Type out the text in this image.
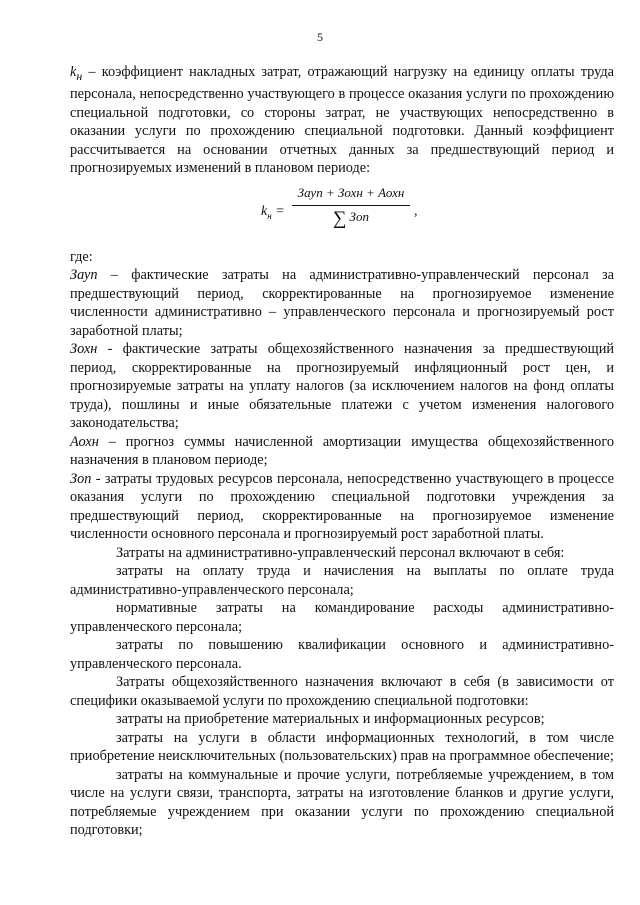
5

$k_н$ – коэффициент накладных затрат, отражающий нагрузку на единицу оплаты труда персонала, непосредственно участвующего в процессе оказания услуги по прохождению специальной подготовки, со стороны затрат, не участвующих непосредственно в оказании услуги по прохождению специальной подготовки. Данный коэффициент рассчитывается на основании отчетных данных за предшествующий период и прогнозируемых изменений в плановом периоде:

$k_н$ =
Зауп + Зохн + Аохн
∑ Зоп	,

где:

Зауп – фактические затраты на административно-управленческий персонал за предшествующий период, скорректированные на прогнозируемое изменение численности административно – управленческого персонала и прогнозируемый рост заработной платы;

Зохн - фактические затраты общехозяйственного назначения за предшествующий период, скорректированные на прогнозируемый инфляционный рост цен, и прогнозируемые затраты на уплату налогов (за исключением налогов на фонд оплаты труда), пошлины и иные обязательные платежи с учетом изменения налогового законодательства;

Аохн – прогноз суммы начисленной амортизации имущества общехозяйственного назначения в плановом периоде;

Зоп - затраты трудовых ресурсов персонала, непосредственно участвующего в процессе оказания услуги по прохождению специальной подготовки учреждения за предшествующий период, скорректированные на прогнозируемое изменение численности основного персонала и прогнозируемый рост заработной платы.

Затраты на административно-управленческий персонал включают в себя:

затраты на оплату труда и начисления на выплаты по оплате труда административно-управленческого персонала;

нормативные затраты на командирование расходы административно-управленческого персонала;

затраты по повышению квалификации основного и административно-управленческого персонала.

Затраты общехозяйственного назначения включают в себя (в зависимости от специфики оказываемой услуги по прохождению специальной подготовки:

затраты на приобретение материальных и информационных ресурсов;

затраты на услуги в области информационных технологий, в том числе приобретение неисключительных (пользовательских) прав на программное обеспечение;

затраты на коммунальные и прочие услуги, потребляемые учреждением, в том числе на услуги связи, транспорта, затраты на изготовление бланков и другие услуги, потребляемые учреждением при оказании услуги по прохождению специальной подготовки;
